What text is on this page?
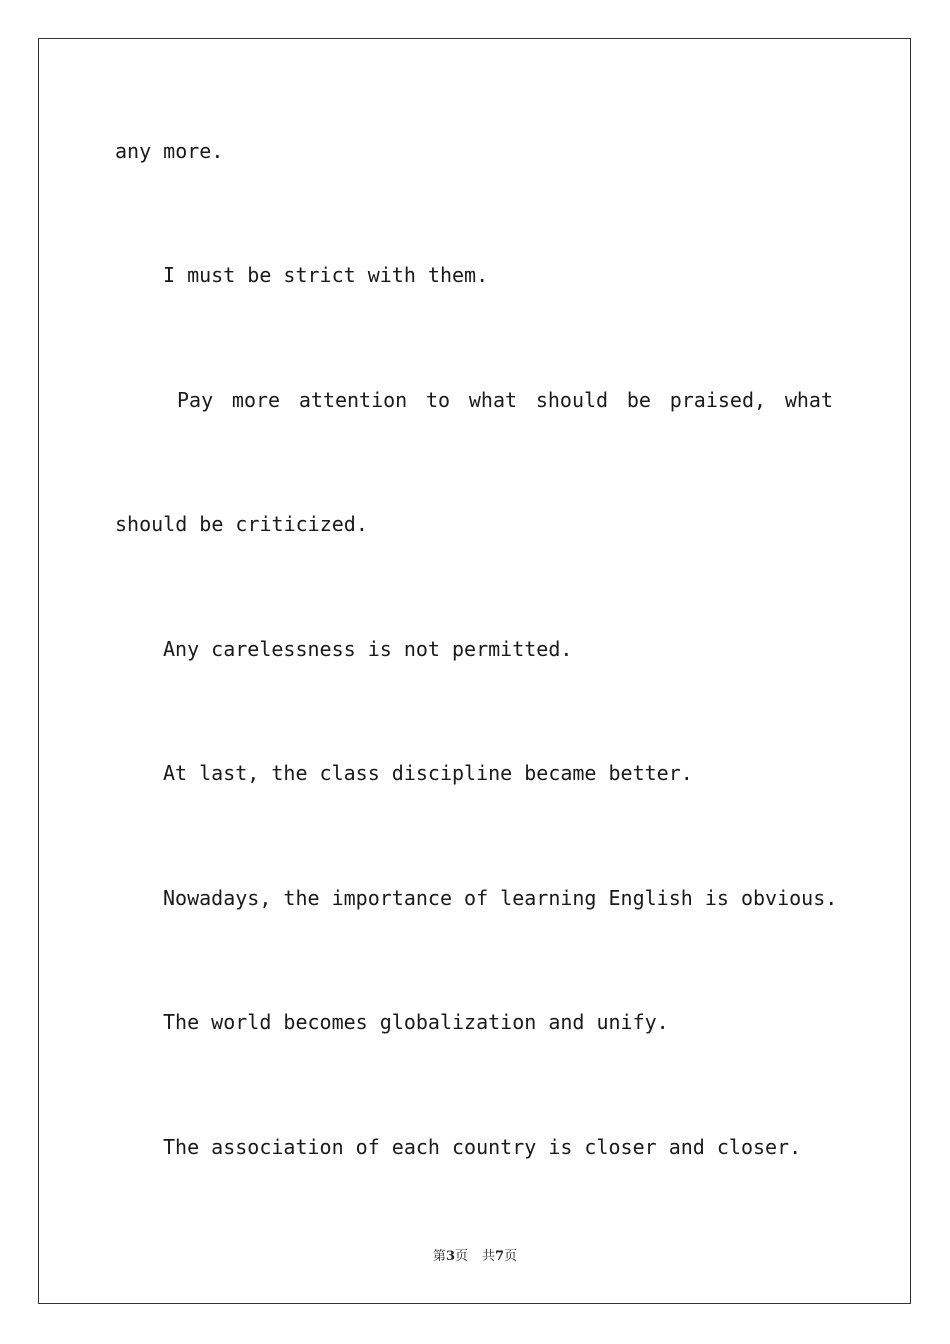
any more.

I must be strict with them.

Pay more attention to what should be praised, what

should be criticized.

Any carelessness is not permitted.

At last, the class discipline became better.

Nowadays, the importance of learning English is obvious.

The world becomes globalization and unify.

The association of each country is closer and closer.

第3页 共7页
